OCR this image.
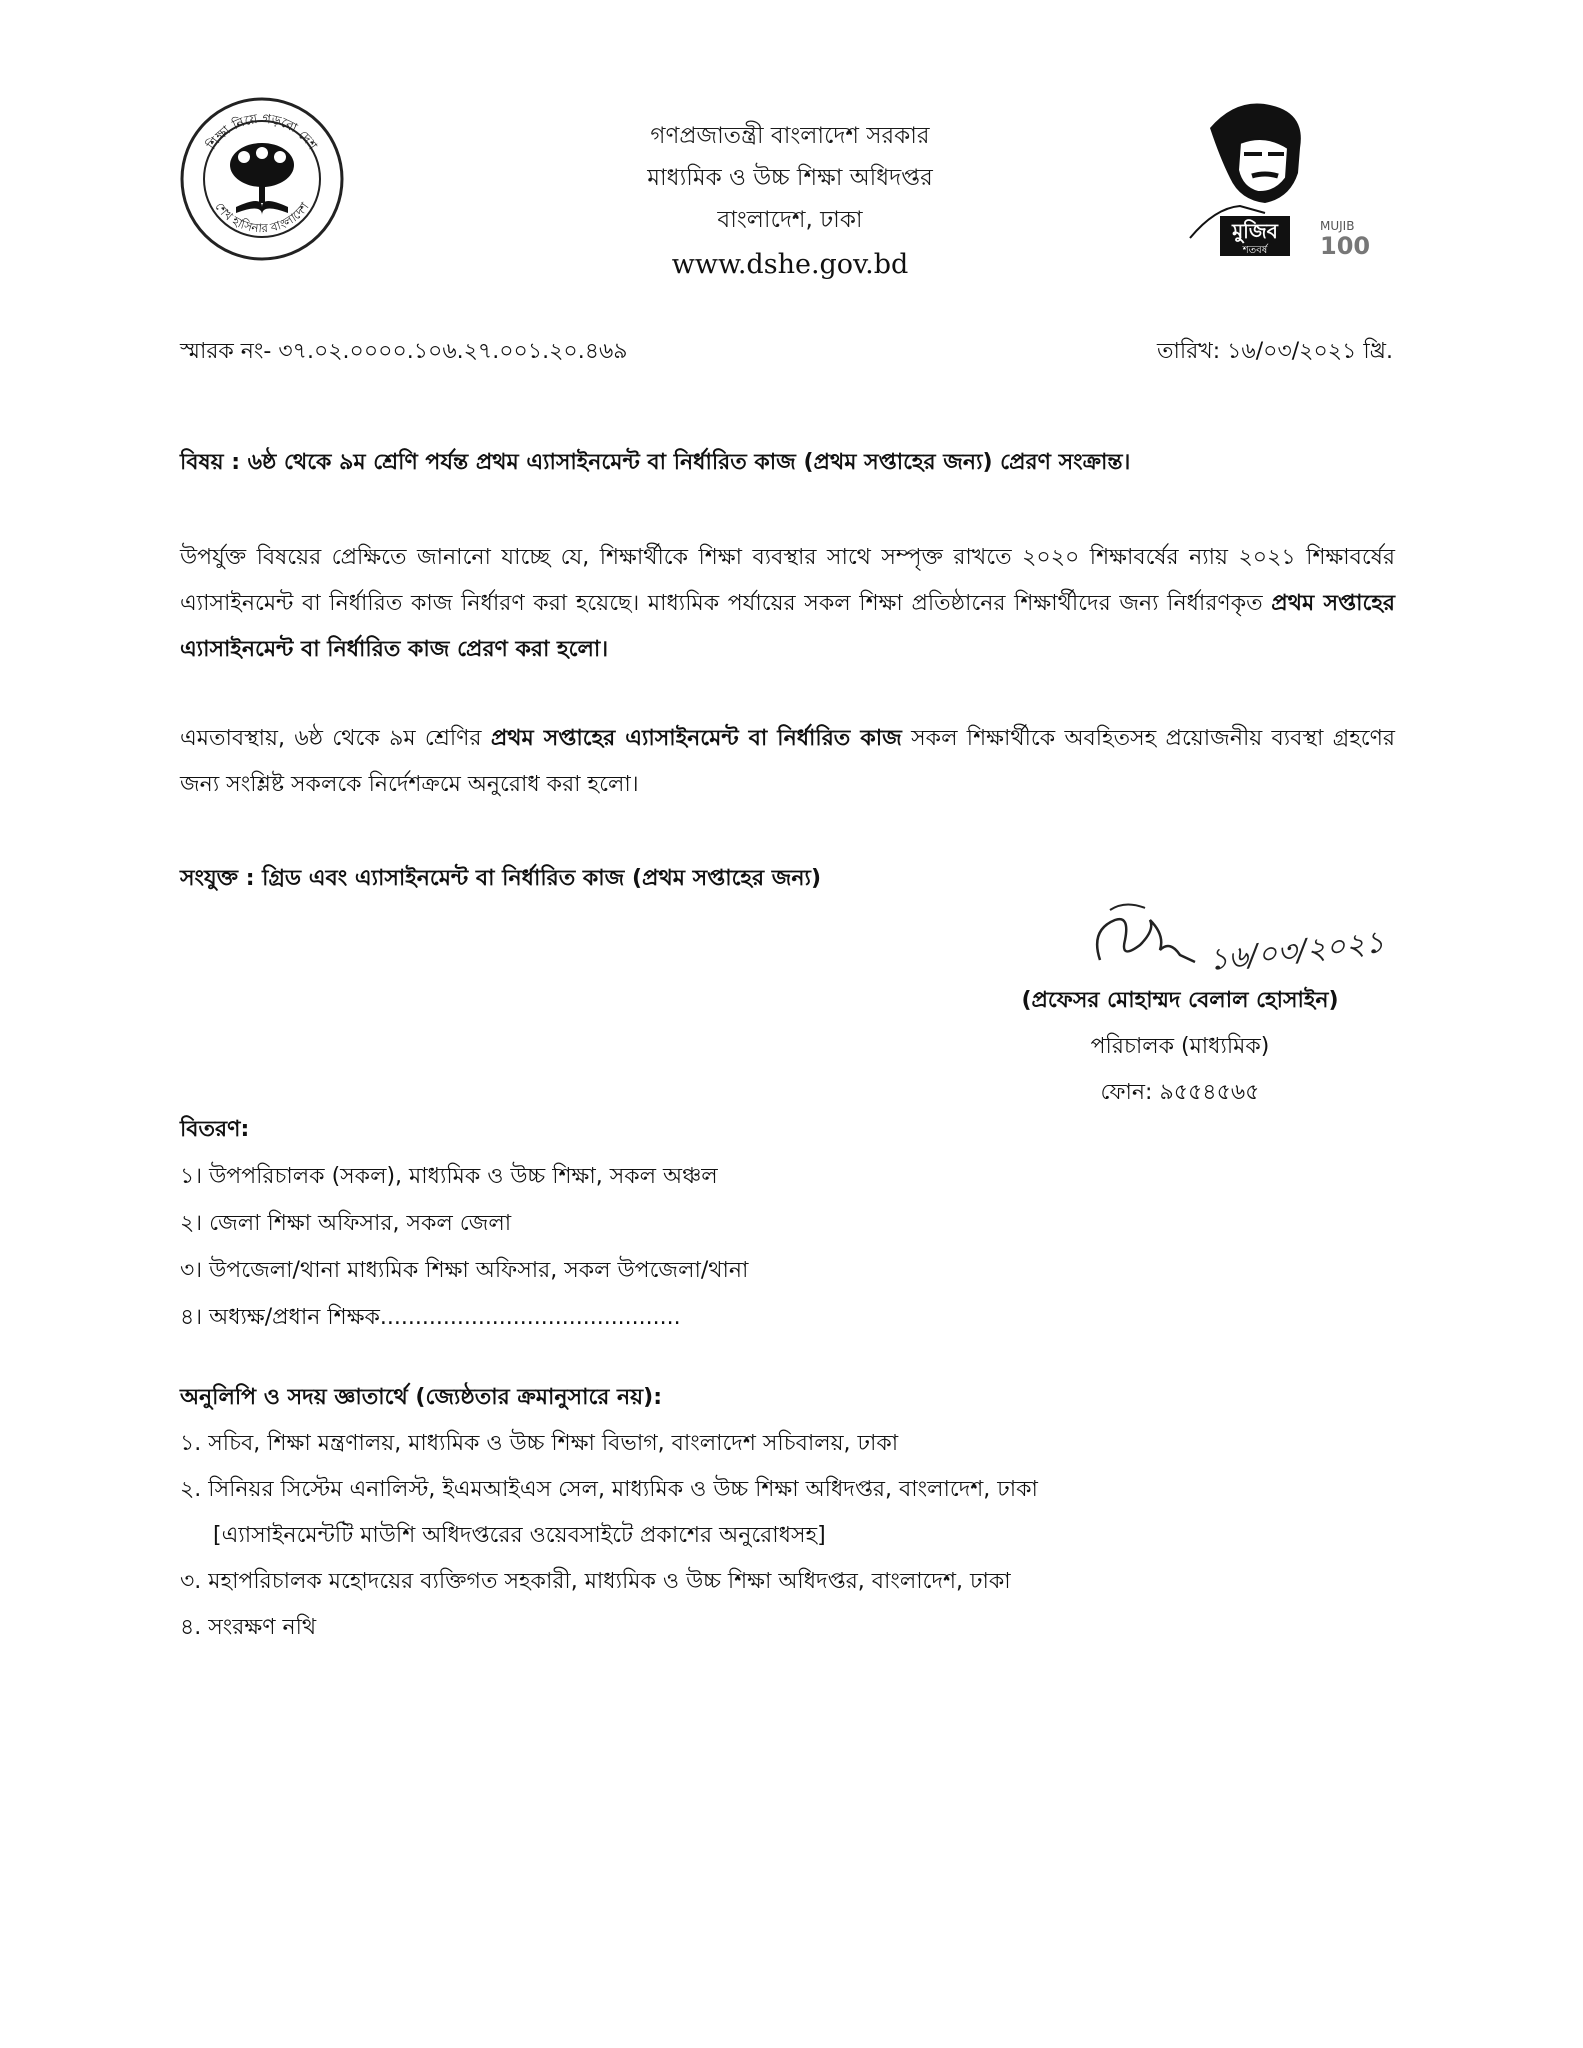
শিক্ষা নিয়ে গড়বো দেশ
শেখ হাসিনার বাংলাদেশ
গণপ্রজাতন্ত্রী বাংলাদেশ সরকার
মাধ্যমিক ও উচ্চ শিক্ষা অধিদপ্তর
বাংলাদেশ, ঢাকা
www.dshe.gov.bd
মুজিব
শতবর্ষ
MUJIB
100
স্মারক নং- ৩৭.০২.০০০০.১০৬.২৭.০০১.২০.৪৬৯	তারিখ: ১৬/০৩/২০২১ খ্রি.
বিষয় : ৬ষ্ঠ থেকে ৯ম শ্রেণি পর্যন্ত প্রথম এ্যাসাইনমেন্ট বা নির্ধারিত কাজ (প্রথম সপ্তাহের জন্য) প্রেরণ সংক্রান্ত।
উপর্যুক্ত বিষয়ের প্রেক্ষিতে জানানো যাচ্ছে যে, শিক্ষার্থীকে শিক্ষা ব্যবস্থার সাথে সম্পৃক্ত রাখতে ২০২০ শিক্ষাবর্ষের ন্যায় ২০২১ শিক্ষাবর্ষের এ্যাসাইনমেন্ট বা নির্ধারিত কাজ নির্ধারণ করা হয়েছে। মাধ্যমিক পর্যায়ের সকল শিক্ষা প্রতিষ্ঠানের শিক্ষার্থীদের জন্য নির্ধারণকৃত প্রথম সপ্তাহের এ্যাসাইনমেন্ট বা নির্ধারিত কাজ প্রেরণ করা হলো।
এমতাবস্থায়, ৬ষ্ঠ থেকে ৯ম শ্রেণির প্রথম সপ্তাহের এ্যাসাইনমেন্ট বা নির্ধারিত কাজ সকল শিক্ষার্থীকে অবহিতসহ প্রয়োজনীয় ব্যবস্থা গ্রহণের জন্য সংশ্লিষ্ট সকলকে নির্দেশক্রমে অনুরোধ করা হলো।
সংযুক্ত : গ্রিড এবং এ্যাসাইনমেন্ট বা নির্ধারিত কাজ (প্রথম সপ্তাহের জন্য)
১৬/০৩/২০২১
(প্রফেসর মোহাম্মদ বেলাল হোসাইন)
পরিচালক (মাধ্যমিক)
ফোন: ৯৫৫৪৫৬৫
বিতরণ:
১। উপপরিচালক (সকল), মাধ্যমিক ও উচ্চ শিক্ষা, সকল অঞ্চল
২। জেলা শিক্ষা অফিসার, সকল জেলা
৩। উপজেলা/থানা মাধ্যমিক শিক্ষা অফিসার, সকল উপজেলা/থানা
৪। অধ্যক্ষ/প্রধান শিক্ষক...........................................
অনুলিপি ও সদয় জ্ঞাতার্থে (জ্যেষ্ঠতার ক্রমানুসারে নয়):
১. সচিব, শিক্ষা মন্ত্রণালয়, মাধ্যমিক ও উচ্চ শিক্ষা বিভাগ, বাংলাদেশ সচিবালয়, ঢাকা
২. সিনিয়র সিস্টেম এনালিস্ট, ইএমআইএস সেল, মাধ্যমিক ও উচ্চ শিক্ষা অধিদপ্তর, বাংলাদেশ, ঢাকা
[এ্যাসাইনমেন্টটি মাউশি অধিদপ্তরের ওয়েবসাইটে প্রকাশের অনুরোধসহ]
৩. মহাপরিচালক মহোদয়ের ব্যক্তিগত সহকারী, মাধ্যমিক ও উচ্চ শিক্ষা অধিদপ্তর, বাংলাদেশ, ঢাকা
৪. সংরক্ষণ নথি
